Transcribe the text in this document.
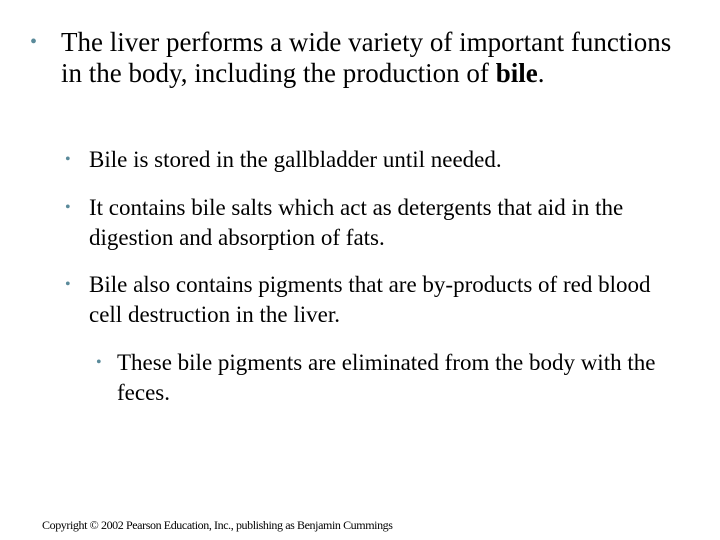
• The liver performs a wide variety of important functions in the body, including the production of bile.
• Bile is stored in the gallbladder until needed.
• It contains bile salts which act as detergents that aid in the digestion and absorption of fats.
• Bile also contains pigments that are by-products of red blood cell destruction in the liver.
• These bile pigments are eliminated from the body with the feces.
Copyright © 2002 Pearson Education, Inc., publishing as Benjamin Cummings
